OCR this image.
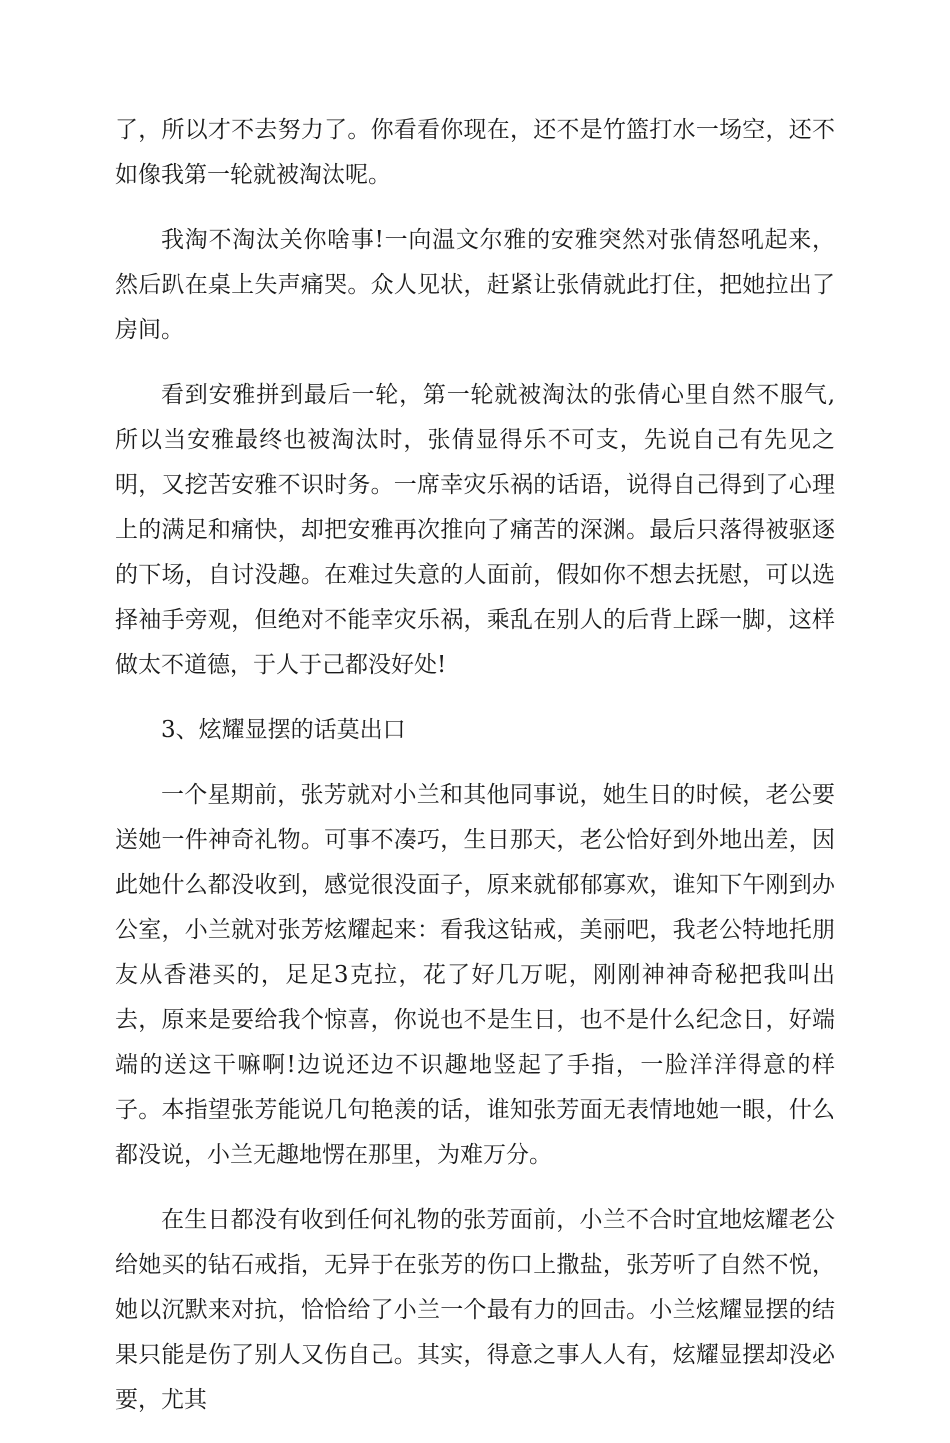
了，所以才不去努力了。你看看你现在，还不是竹篮打水一场空，还不如像我第一轮就被淘汰呢。

我淘不淘汰关你啥事!一向温文尔雅的安雅突然对张倩怒吼起来，然后趴在桌上失声痛哭。众人见状，赶紧让张倩就此打住，把她拉出了房间。

看到安雅拼到最后一轮，第一轮就被淘汰的张倩心里自然不服气,所以当安雅最终也被淘汰时，张倩显得乐不可支，先说自己有先见之明，又挖苦安雅不识时务。一席幸灾乐祸的话语，说得自己得到了心理上的满足和痛快，却把安雅再次推向了痛苦的深渊。最后只落得被驱逐的下场，自讨没趣。在难过失意的人面前，假如你不想去抚慰，可以选择袖手旁观，但绝对不能幸灾乐祸，乘乱在别人的后背上踩一脚，这样做太不道德，于人于己都没好处!

3、炫耀显摆的话莫出口

一个星期前，张芳就对小兰和其他同事说，她生日的时候，老公要送她一件神奇礼物。可事不凑巧，生日那天，老公恰好到外地出差，因此她什么都没收到，感觉很没面子，原来就郁郁寡欢，谁知下午刚到办公室，小兰就对张芳炫耀起来：看我这钻戒，美丽吧，我老公特地托朋友从香港买的，足足3克拉，花了好几万呢，刚刚神神奇秘把我叫出去，原来是要给我个惊喜，你说也不是生日，也不是什么纪念日，好端端的送这干嘛啊!边说还边不识趣地竖起了手指，一脸洋洋得意的样子。本指望张芳能说几句艳羡的话，谁知张芳面无表情地她一眼，什么都没说，小兰无趣地愣在那里，为难万分。

在生日都没有收到任何礼物的张芳面前，小兰不合时宜地炫耀老公给她买的钻石戒指，无异于在张芳的伤口上撒盐，张芳听了自然不悦，她以沉默来对抗，恰恰给了小兰一个最有力的回击。小兰炫耀显摆的结果只能是伤了别人又伤自己。其实，得意之事人人有，炫耀显摆却没必要，尤其
